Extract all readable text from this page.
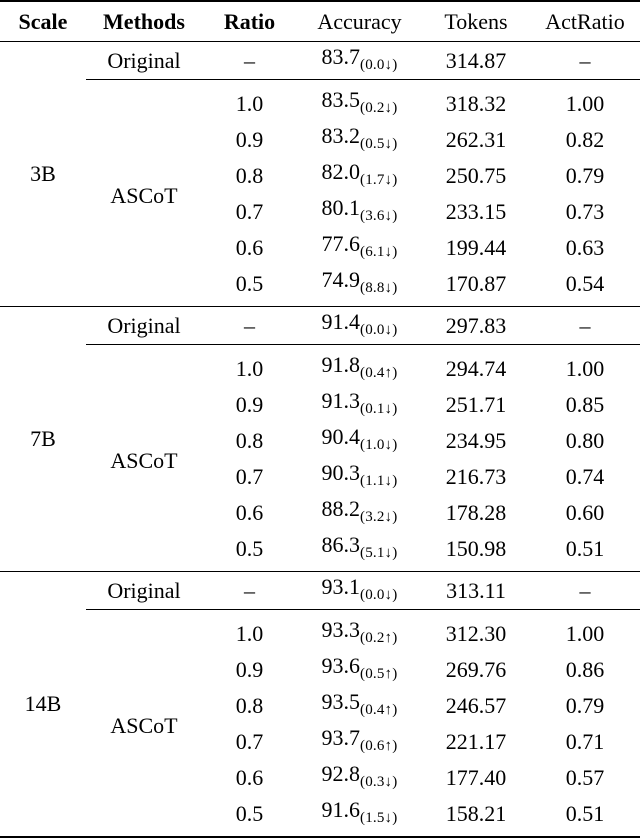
Scale	Methods	Ratio	Accuracy	Tokens	ActRatio
3B	Original	–	$83.7_{(0.0↓)}$	314.87	–
	ASCoT	1.0	$83.5_{(0.2↓)}$	318.32	1.00
		0.9	$83.2_{(0.5↓)}$	262.31	0.82
		0.8	$82.0_{(1.7↓)}$	250.75	0.79
		0.7	$80.1_{(3.6↓)}$	233.15	0.73
		0.6	$77.6_{(6.1↓)}$	199.44	0.63
		0.5	$74.9_{(8.8↓)}$	170.87	0.54
7B	Original	–	$91.4_{(0.0↓)}$	297.83	–
	ASCoT	1.0	$91.8_{(0.4↑)}$	294.74	1.00
		0.9	$91.3_{(0.1↓)}$	251.71	0.85
		0.8	$90.4_{(1.0↓)}$	234.95	0.80
		0.7	$90.3_{(1.1↓)}$	216.73	0.74
		0.6	$88.2_{(3.2↓)}$	178.28	0.60
		0.5	$86.3_{(5.1↓)}$	150.98	0.51
14B	Original	–	$93.1_{(0.0↓)}$	313.11	–
	ASCoT	1.0	$93.3_{(0.2↑)}$	312.30	1.00
		0.9	$93.6_{(0.5↑)}$	269.76	0.86
		0.8	$93.5_{(0.4↑)}$	246.57	0.79
		0.7	$93.7_{(0.6↑)}$	221.17	0.71
		0.6	$92.8_{(0.3↓)}$	177.40	0.57
		0.5	$91.6_{(1.5↓)}$	158.21	0.51
